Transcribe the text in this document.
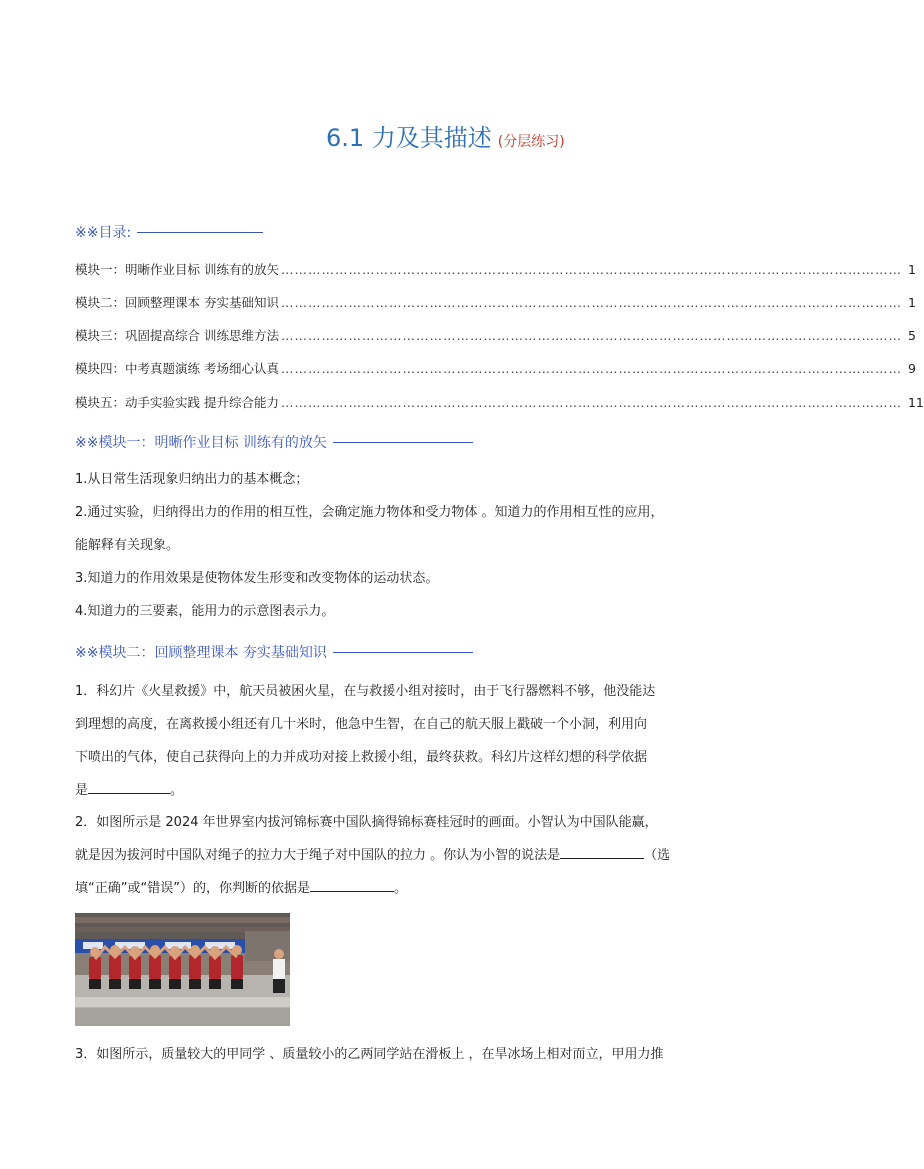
6.1 力及其描述 (分层练习)
※※目录:
模块一：明晰作业目标 训练有的放矢 ………………………………………………………………………………………………………………………… 1
模块二：回顾整理课本 夯实基础知识 ………………………………………………………………………………………………………………………… 1
模块三：巩固提高综合 训练思维方法 ………………………………………………………………………………………………………………………… 5
模块四：中考真题演练 考场细心认真 ………………………………………………………………………………………………………………………… 9
模块五：动手实验实践 提升综合能力 ………………………………………………………………………………………………………………………… 11
※※模块一：明晰作业目标 训练有的放矢
1.从日常生活现象归纳出力的基本概念；
2.通过实验，归纳得出力的作用的相互性，会确定施力物体和受力物体 。知道力的作用相互性的应用，
能解释有关现象。
3.知道力的作用效果是使物体发生形变和改变物体的运动状态。
4.知道力的三要素，能用力的示意图表示力。
※※模块二：回顾整理课本 夯实基础知识
1．科幻片《火星救援》中，航天员被困火星，在与救援小组对接时，由于飞行器燃料不够，他没能达
到理想的高度，在离救援小组还有几十米时，他急中生智，在自己的航天服上戳破一个小洞，利用向
下喷出的气体，使自己获得向上的力并成功对接上救援小组，最终获救。科幻片这样幻想的科学依据
是	。
2．如图所示是 2024 年世界室内拔河锦标赛中国队摘得锦标赛桂冠时的画面。小智认为中国队能赢，
就是因为拔河时中国队对绳子的拉力大于绳子对中国队的拉力 。你认为小智的说法是	（选
填“正确”或“错误”）的，你判断的依据是	。
3．如图所示，质量较大的甲同学 、质量较小的乙两同学站在滑板上 ，在旱冰场上相对而立，甲用力推
